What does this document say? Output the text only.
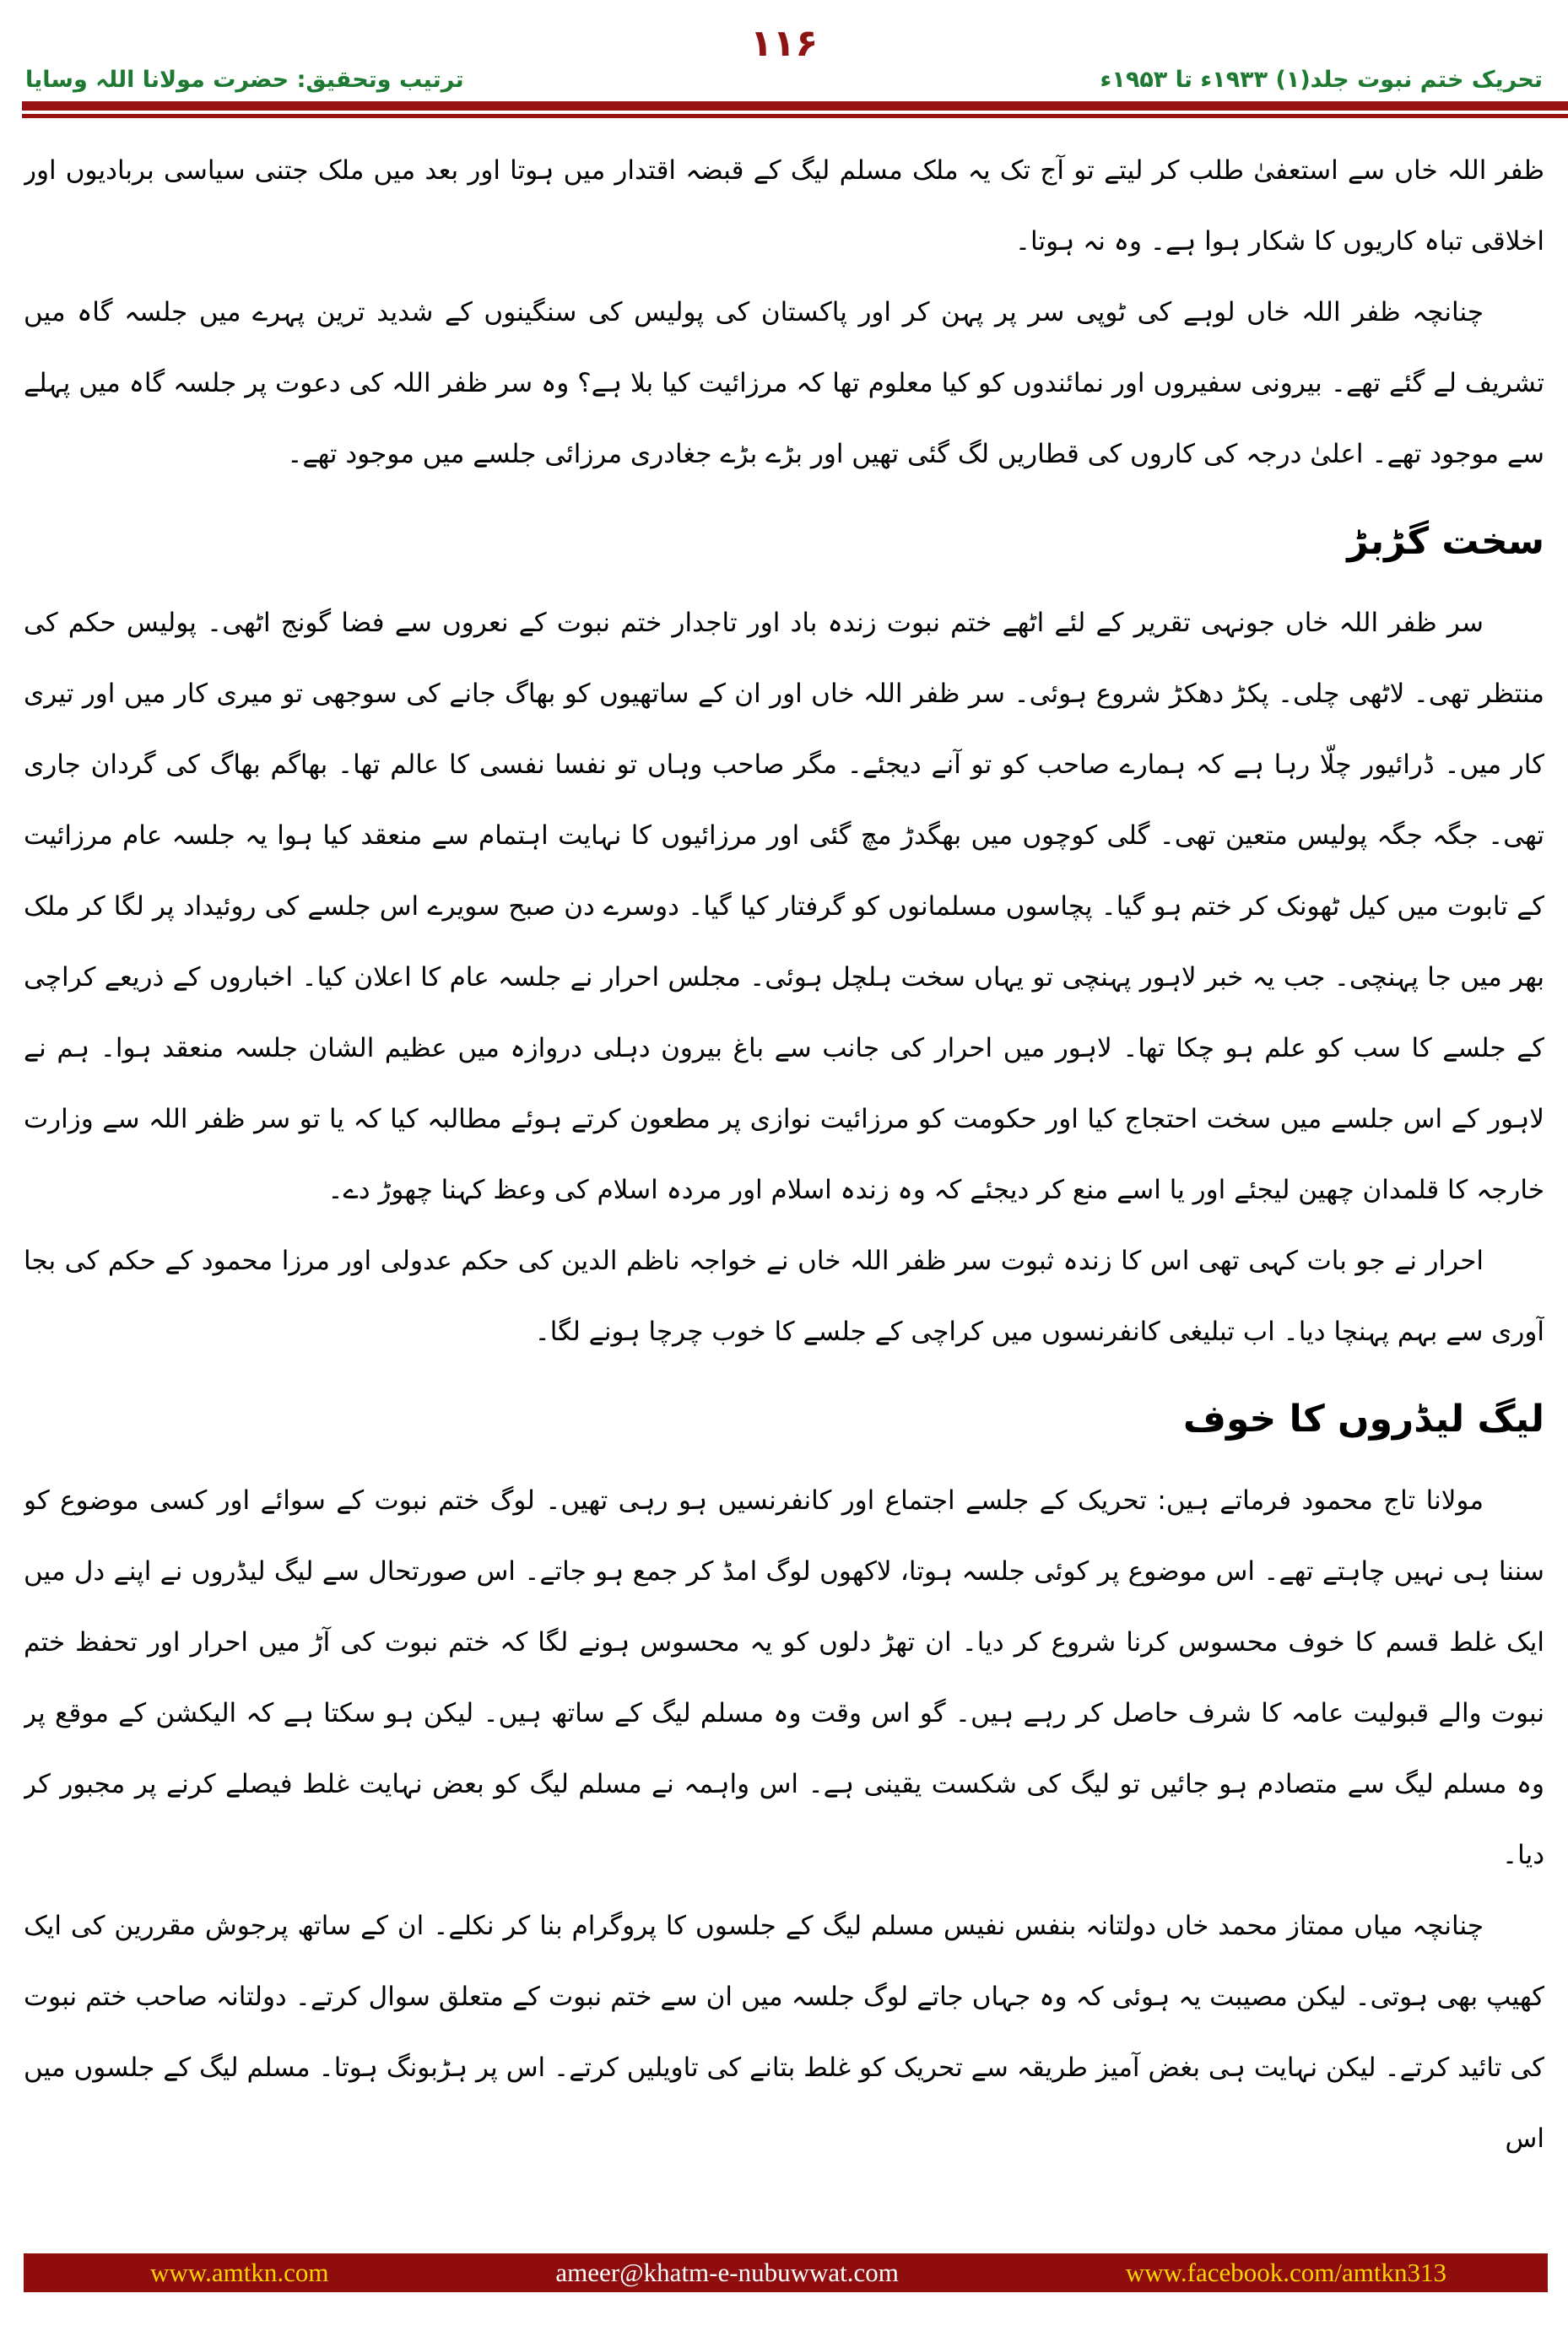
ترتیب وتحقیق: حضرت مولانا اللہ وسایا	تحریک ختم نبوت جلد(۱) ۱۹۳۳ء تا ۱۹۵۳ء
۱۱۶

ظفر اللہ خاں سے استعفیٰ طلب کر لیتے تو آج تک یہ ملک مسلم لیگ کے قبضہ اقتدار میں ہوتا اور بعد میں ملک جتنی سیاسی بربادیوں اور اخلاقی تباہ کاریوں کا شکار ہوا ہے۔ وہ نہ ہوتا۔

چنانچہ ظفر اللہ خاں لوہے کی ٹوپی سر پر پہن کر اور پاکستان کی پولیس کی سنگینوں کے شدید ترین پہرے میں جلسہ گاہ میں تشریف لے گئے تھے۔ بیرونی سفیروں اور نمائندوں کو کیا معلوم تھا کہ مرزائیت کیا بلا ہے؟ وہ سر ظفر اللہ کی دعوت پر جلسہ گاہ میں پہلے سے موجود تھے۔ اعلیٰ درجہ کی کاروں کی قطاریں لگ گئی تھیں اور بڑے بڑے جغادری مرزائی جلسے میں موجود تھے۔

سخت گڑبڑ

سر ظفر اللہ خاں جونہی تقریر کے لئے اٹھے ختم نبوت زندہ باد اور تاجدار ختم نبوت کے نعروں سے فضا گونج اٹھی۔ پولیس حکم کی منتظر تھی۔ لاٹھی چلی۔ پکڑ دھکڑ شروع ہوئی۔ سر ظفر اللہ خاں اور ان کے ساتھیوں کو بھاگ جانے کی سوجھی تو میری کار میں اور تیری کار میں۔ ڈرائیور چلّا رہا ہے کہ ہمارے صاحب کو تو آنے دیجئے۔ مگر صاحب وہاں تو نفسا نفسی کا عالم تھا۔ بھاگم بھاگ کی گردان جاری تھی۔ جگہ جگہ پولیس متعین تھی۔ گلی کوچوں میں بھگدڑ مچ گئی اور مرزائیوں کا نہایت اہتمام سے منعقد کیا ہوا یہ جلسہ عام مرزائیت کے تابوت میں کیل ٹھونک کر ختم ہو گیا۔ پچاسوں مسلمانوں کو گرفتار کیا گیا۔ دوسرے دن صبح سویرے اس جلسے کی روئیداد پر لگا کر ملک بھر میں جا پہنچی۔ جب یہ خبر لاہور پہنچی تو یہاں سخت ہلچل ہوئی۔ مجلس احرار نے جلسہ عام کا اعلان کیا۔ اخباروں کے ذریعے کراچی کے جلسے کا سب کو علم ہو چکا تھا۔ لاہور میں احرار کی جانب سے باغ بیرون دہلی دروازہ میں عظیم الشان جلسہ منعقد ہوا۔ ہم نے لاہور کے اس جلسے میں سخت احتجاج کیا اور حکومت کو مرزائیت نوازی پر مطعون کرتے ہوئے مطالبہ کیا کہ یا تو سر ظفر اللہ سے وزارت خارجہ کا قلمدان چھین لیجئے اور یا اسے منع کر دیجئے کہ وہ زندہ اسلام اور مردہ اسلام کی وعظ کہنا چھوڑ دے۔

احرار نے جو بات کہی تھی اس کا زندہ ثبوت سر ظفر اللہ خاں نے خواجہ ناظم الدین کی حکم عدولی اور مرزا محمود کے حکم کی بجا آوری سے بہم پہنچا دیا۔ اب تبلیغی کانفرنسوں میں کراچی کے جلسے کا خوب چرچا ہونے لگا۔

لیگ لیڈروں کا خوف

مولانا تاج محمود فرماتے ہیں: تحریک کے جلسے اجتماع اور کانفرنسیں ہو رہی تھیں۔ لوگ ختم نبوت کے سوائے اور کسی موضوع کو سننا ہی نہیں چاہتے تھے۔ اس موضوع پر کوئی جلسہ ہوتا، لاکھوں لوگ امڈ کر جمع ہو جاتے۔ اس صورتحال سے لیگ لیڈروں نے اپنے دل میں ایک غلط قسم کا خوف محسوس کرنا شروع کر دیا۔ ان تھڑ دلوں کو یہ محسوس ہونے لگا کہ ختم نبوت کی آڑ میں احرار اور تحفظ ختم نبوت والے قبولیت عامہ کا شرف حاصل کر رہے ہیں۔ گو اس وقت وہ مسلم لیگ کے ساتھ ہیں۔ لیکن ہو سکتا ہے کہ الیکشن کے موقع پر وہ مسلم لیگ سے متصادم ہو جائیں تو لیگ کی شکست یقینی ہے۔ اس واہمہ نے مسلم لیگ کو بعض نہایت غلط فیصلے کرنے پر مجبور کر دیا۔

چنانچہ میاں ممتاز محمد خاں دولتانہ بنفس نفیس مسلم لیگ کے جلسوں کا پروگرام بنا کر نکلے۔ ان کے ساتھ پرجوش مقررین کی ایک کھیپ بھی ہوتی۔ لیکن مصیبت یہ ہوئی کہ وہ جہاں جاتے لوگ جلسہ میں ان سے ختم نبوت کے متعلق سوال کرتے۔ دولتانہ صاحب ختم نبوت کی تائید کرتے۔ لیکن نہایت ہی بغض آمیز طریقہ سے تحریک کو غلط بتانے کی تاویلیں کرتے۔ اس پر ہڑبونگ ہوتا۔ مسلم لیگ کے جلسوں میں اس

www.amtkn.com	ameer@khatm-e-nubuwwat.com	www.facebook.com/amtkn313
